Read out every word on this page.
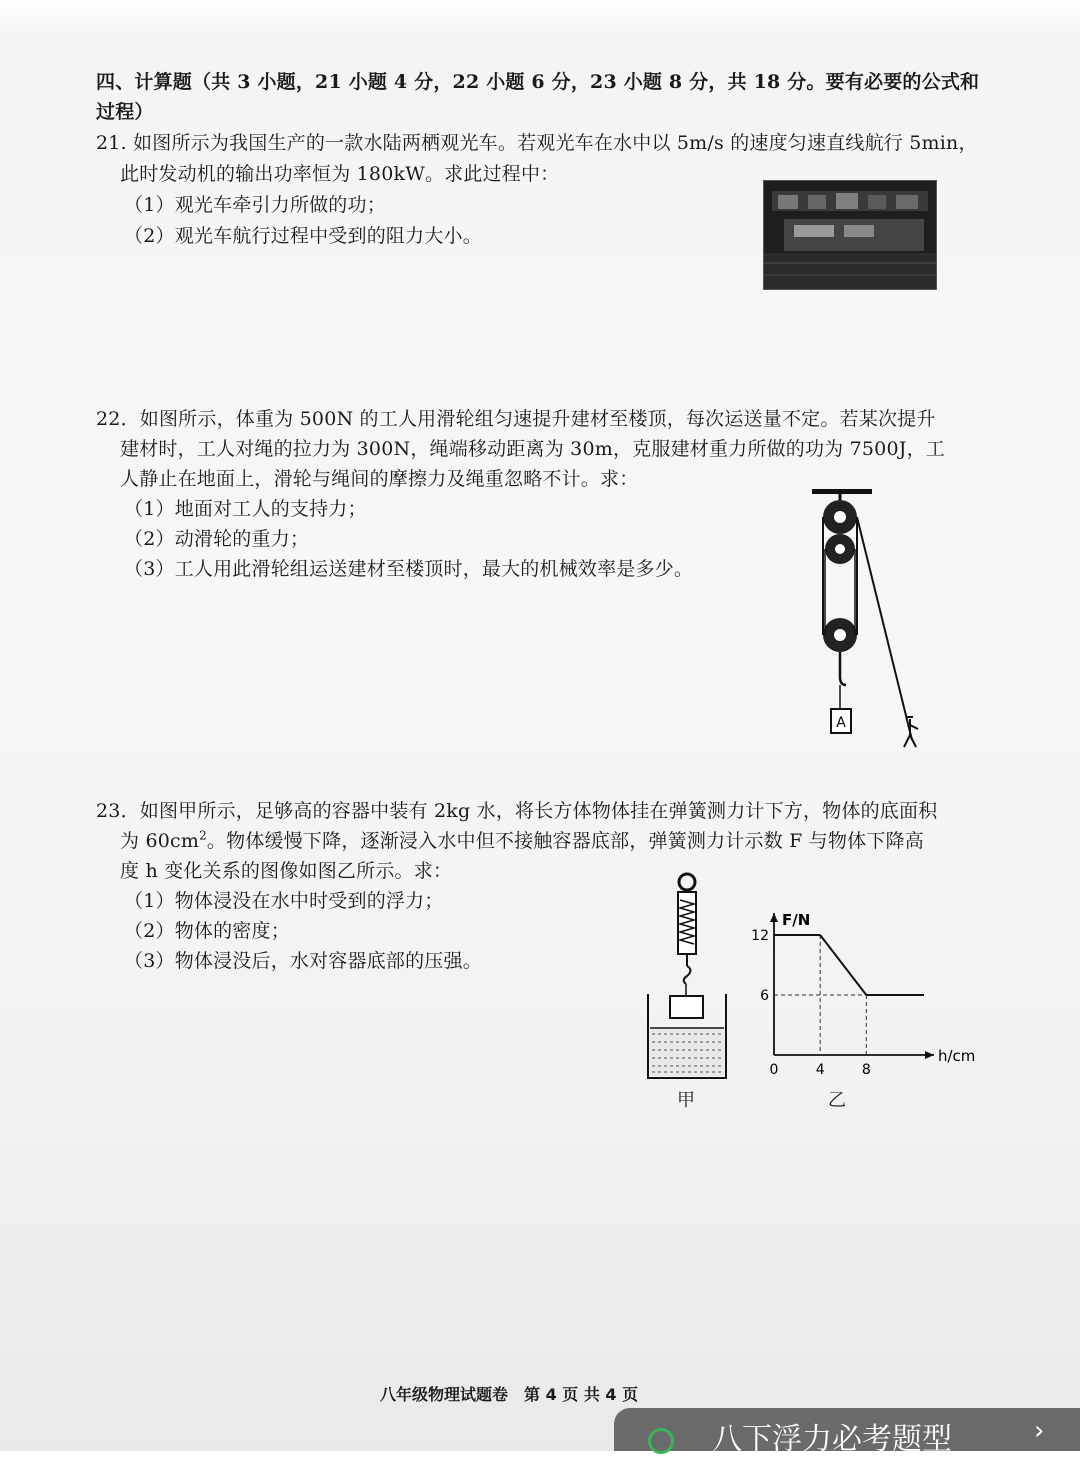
四、计算题（共 3 小题，21 小题 4 分，22 小题 6 分，23 小题 8 分，共 18 分。要有必要的公式和
过程）
21. 如图所示为我国生产的一款水陆两栖观光车。若观光车在水中以 5m/s 的速度匀速直线航行 5min，
此时发动机的输出功率恒为 180kW。求此过程中：
（1）观光车牵引力所做的功；
（2）观光车航行过程中受到的阻力大小。
22．如图所示，体重为 500N 的工人用滑轮组匀速提升建材至楼顶，每次运送量不定。若某次提升
建材时，工人对绳的拉力为 300N，绳端移动距离为 30m，克服建材重力所做的功为 7500J，工
人静止在地面上，滑轮与绳间的摩擦力及绳重忽略不计。求：
（1）地面对工人的支持力；
（2）动滑轮的重力；
（3）工人用此滑轮组运送建材至楼顶时，最大的机械效率是多少。
A
23．如图甲所示，足够高的容器中装有 2kg 水，将长方体物体挂在弹簧测力计下方，物体的底面积
为 $60cm^2$。物体缓慢下降，逐渐浸入水中但不接触容器底部，弹簧测力计示数 F 与物体下降高
度 h 变化关系的图像如图乙所示。求：
（1）物体浸没在水中时受到的浮力；
（2）物体的密度；
（3）物体浸没后，水对容器底部的压强。
甲
0	4	8
6
12
h/cm
F/N
乙
八年级物理试题卷　第 4 页 共 4 页
八下浮力必考题型	›
